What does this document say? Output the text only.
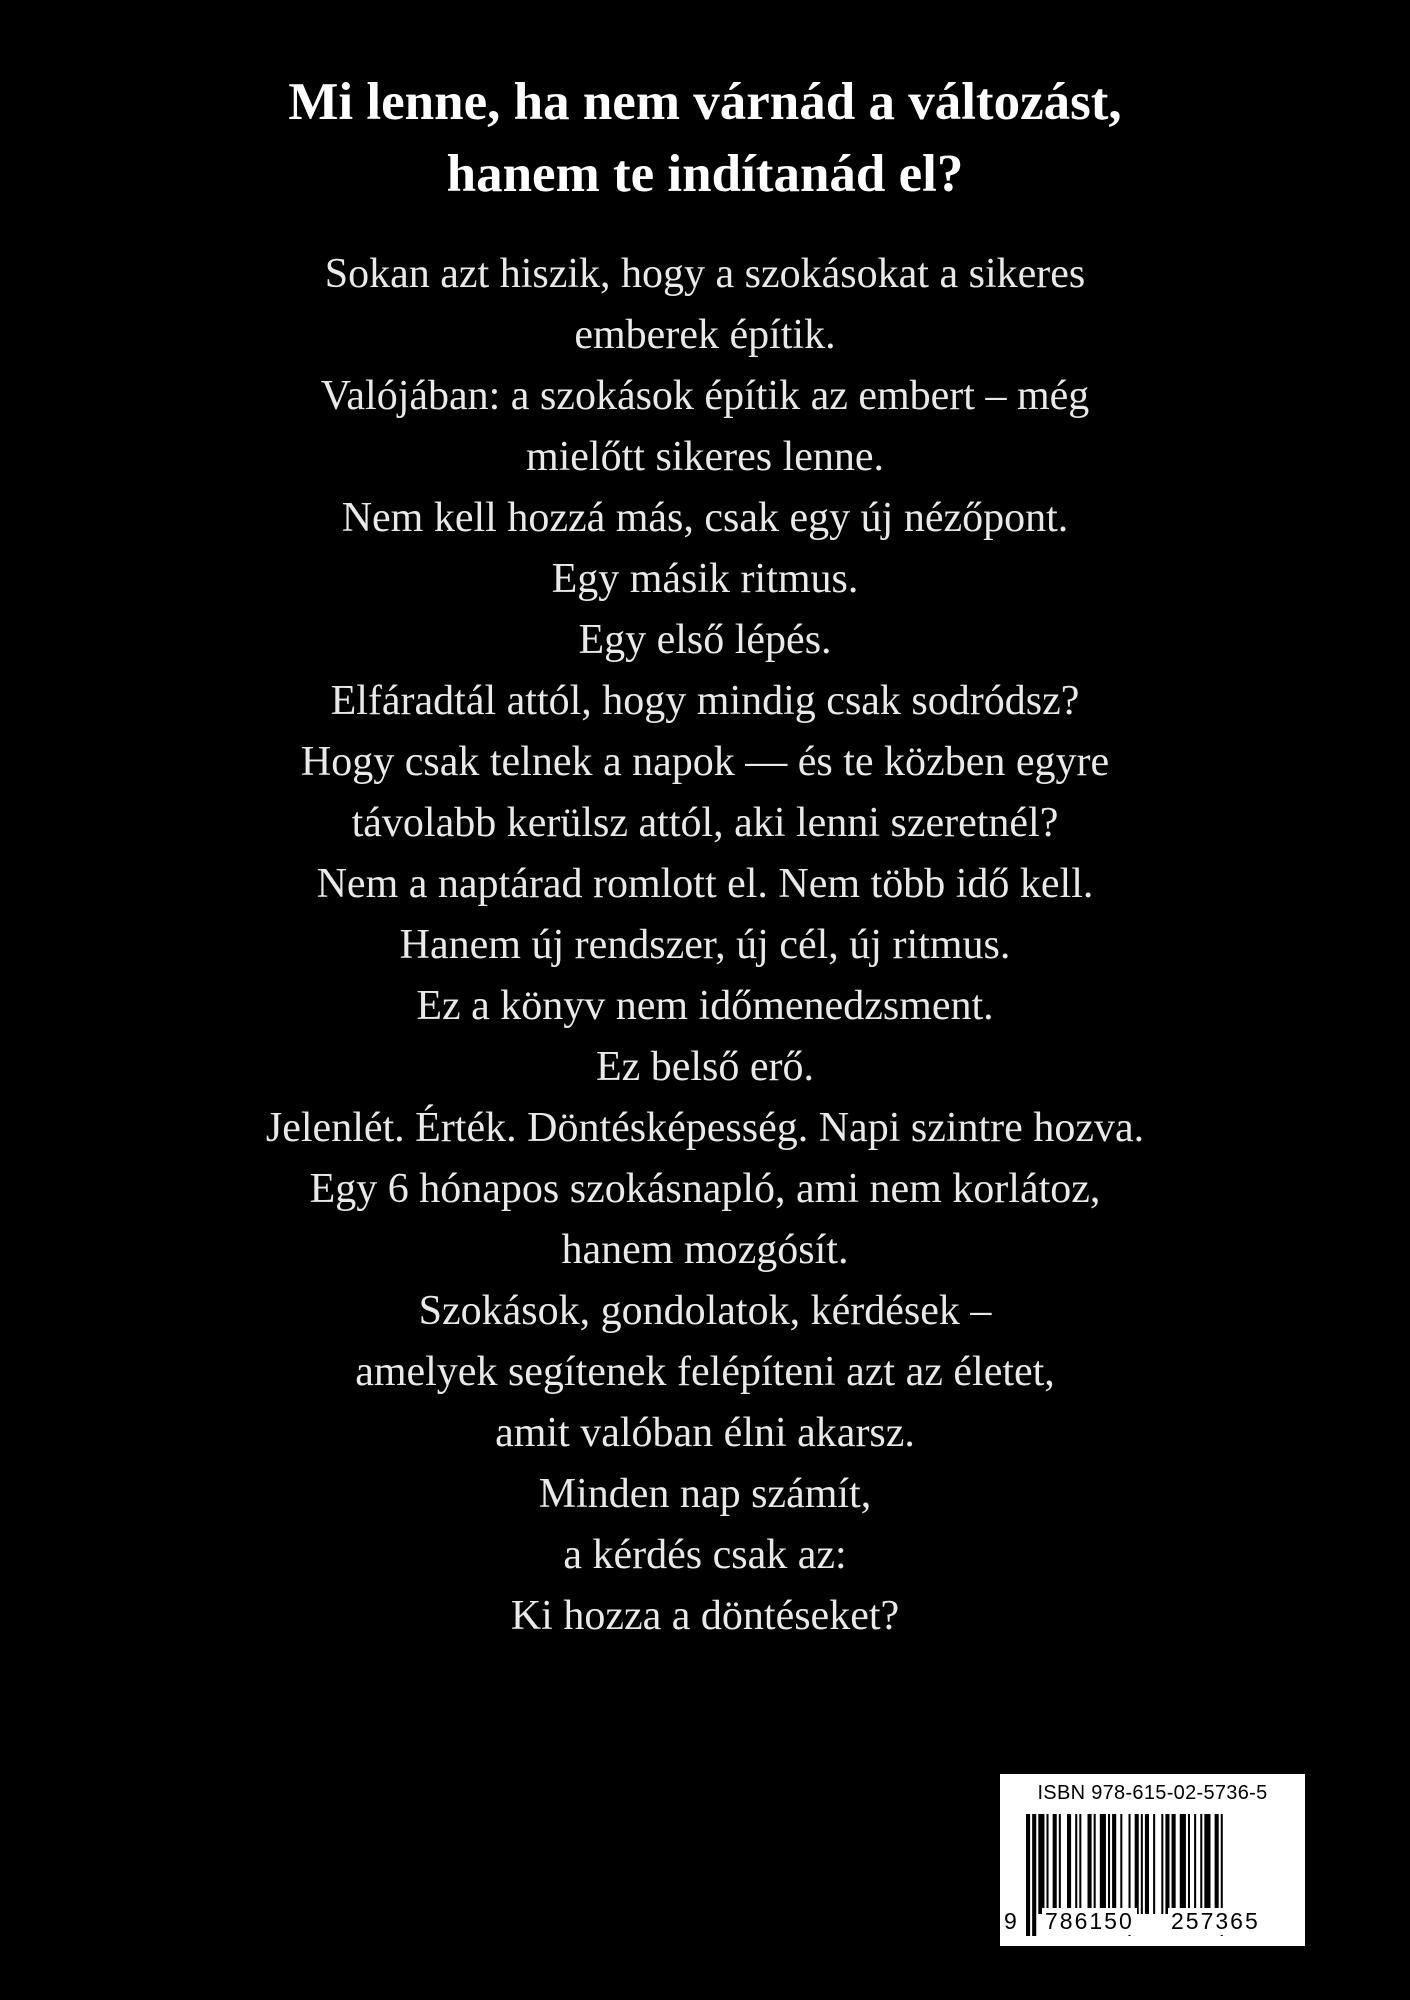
Mi lenne, ha nem várnád a változást,
hanem te indítanád el?
Sokan azt hiszik, hogy a szokásokat a sikeres
emberek építik.
Valójában: a szokások építik az embert – még
mielőtt sikeres lenne.
Nem kell hozzá más, csak egy új nézőpont.
Egy másik ritmus.
Egy első lépés.
Elfáradtál attól, hogy mindig csak sodródsz?
Hogy csak telnek a napok — és te közben egyre
távolabb kerülsz attól, aki lenni szeretnél?
Nem a naptárad romlott el. Nem több idő kell.
Hanem új rendszer, új cél, új ritmus.
Ez a könyv nem időmenedzsment.
Ez belső erő.
Jelenlét. Érték. Döntésképesség. Napi szintre hozva.
Egy 6 hónapos szokásnapló, ami nem korlátoz,
hanem mozgósít.
Szokások, gondolatok, kérdések –
amelyek segítenek felépíteni azt az életet,
amit valóban élni akarsz.
Minden nap számít,
a kérdés csak az:
Ki hozza a döntéseket?
ISBN 978-615-02-5736-5
9 786150 257365
